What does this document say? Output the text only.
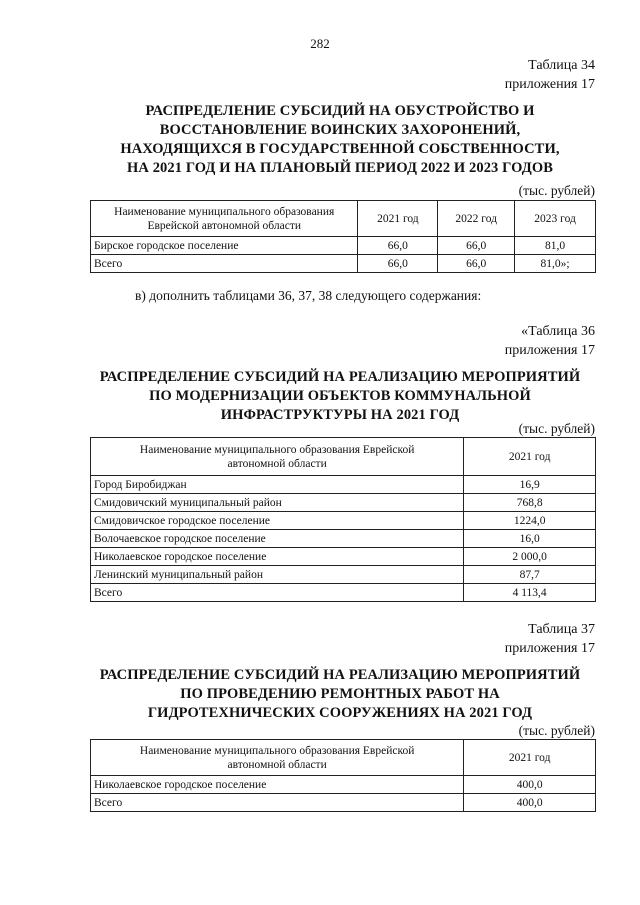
282
Таблица 34
приложения 17
РАСПРЕДЕЛЕНИЕ СУБСИДИЙ НА ОБУСТРОЙСТВО И
ВОССТАНОВЛЕНИЕ ВОИНСКИХ ЗАХОРОНЕНИЙ,
НАХОДЯЩИХСЯ В ГОСУДАРСТВЕННОЙ СОБСТВЕННОСТИ,
НА 2021 ГОД И НА ПЛАНОВЫЙ ПЕРИОД 2022 И 2023 ГОДОВ
(тыс. рублей)
Наименование муниципального образования Еврейской автономной области	2021 год	2022 год	2023 год
Бирское городское поселение	66,0	66,0	81,0
Всего	66,0	66,0	81,0»;
в) дополнить таблицами 36, 37, 38 следующего содержания:
«Таблица 36
приложения 17
РАСПРЕДЕЛЕНИЕ СУБСИДИЙ НА РЕАЛИЗАЦИЮ МЕРОПРИЯТИЙ
ПО МОДЕРНИЗАЦИИ ОБЪЕКТОВ КОММУНАЛЬНОЙ
ИНФРАСТРУКТУРЫ НА 2021 ГОД
(тыс. рублей)
Наименование муниципального образования Еврейской автономной области	2021 год
Город Биробиджан	16,9
Смидовичский муниципальный район	768,8
Смидовичское городское поселение	1224,0
Волочаевское городское поселение	16,0
Николаевское городское поселение	2 000,0
Ленинский муниципальный район	87,7
Всего	4 113,4
Таблица 37
приложения 17
РАСПРЕДЕЛЕНИЕ СУБСИДИЙ НА РЕАЛИЗАЦИЮ МЕРОПРИЯТИЙ
ПО ПРОВЕДЕНИЮ РЕМОНТНЫХ РАБОТ НА
ГИДРОТЕХНИЧЕСКИХ СООРУЖЕНИЯХ НА 2021 ГОД
(тыс. рублей)
Наименование муниципального образования Еврейской автономной области	2021 год
Николаевское городское поселение	400,0
Всего	400,0
